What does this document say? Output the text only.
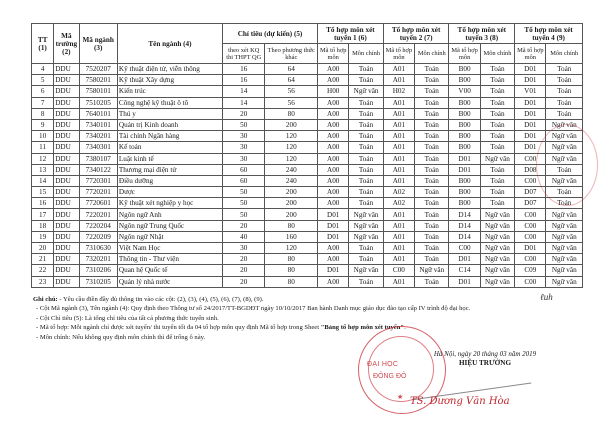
TT (1)	Mã trường (2)	Mã ngành (3)	Tên ngành (4)	Chỉ tiêu (dự kiến) (5)		Tổ hợp môn xét tuyển 1 (6)		Tổ hợp môn xét tuyển 2 (7)		Tổ hợp môn xét tuyển 3 (8)		Tổ hợp môn xét tuyển 4 (9)	
				theo xét KQ thi THPT QG	Theo phương thức khác	Mã tổ hợp môn	Môn chính	Mã tổ hợp môn	Môn chính	Mã tổ hợp môn	Môn chính	Mã tổ hợp môn	Môn chính
4	DDU	7520207	Kỹ thuật điện tử, viễn thông	16	64	A00	Toán	A01	Toán	B00	Toán	D01	Toán
5	DDU	7580201	Kỹ thuật Xây dựng	16	64	A00	Toán	A01	Toán	B00	Toán	D01	Toán
6	DDU	7580101	Kiến trúc	14	56	H00	Ngữ văn	H02	Toán	V00	Toán	V01	Toán
7	DDU	7510205	Công nghệ kỹ thuật ô tô	14	56	A00	Toán	A01	Toán	B00	Toán	D01	Toán
8	DDU	7640101	Thú y	20	80	A00	Toán	A01	Toán	B00	Toán	D01	Toán
9	DDU	7340101	Quản trị Kinh doanh	50	200	A00	Toán	A01	Toán	B00	Toán	D01	Ngữ văn
10	DDU	7340201	Tài chính Ngân hàng	30	120	A00	Toán	A01	Toán	B00	Toán	D01	Ngữ văn
11	DDU	7340301	Kế toán	30	120	A00	Toán	A01	Toán	B00	Toán	D01	Ngữ văn
12	DDU	7380107	Luật kinh tế	30	120	A00	Toán	A01	Toán	D01	Ngữ văn	C00	Ngữ văn
13	DDU	7340122	Thương mại điện tử	60	240	A00	Toán	A01	Toán	D01	Toán	D08	Toán
14	DDU	7720301	Điều dưỡng	60	240	A00	Toán	A01	Toán	B00	Toán	C00	Ngữ văn
15	DDU	7720201	Dược	50	200	A00	Toán	A02	Toán	B00	Toán	D07	Toán
16	DDU	7720601	Kỹ thuật xét nghiệp y học	50	200	A00	Toán	A02	Toán	B00	Toán	D07	Toán
17	DDU	7220201	Ngôn ngữ Anh	50	200	D01	Ngữ văn	A01	Toán	D14	Ngữ văn	C00	Ngữ văn
18	DDU	7220204	Ngôn ngữ Trung Quốc	20	80	D01	Ngữ văn	A01	Toán	D14	Ngữ văn	C00	Ngữ văn
19	DDU	7220209	Ngôn ngữ Nhật	40	160	D01	Ngữ văn	A01	Toán	D14	Ngữ văn	C00	Ngữ văn
20	DDU	7310630	Việt Nam Học	30	120	A00	Toán	A01	Toán	C00	Ngữ văn	D01	Ngữ văn
21	DDU	7320201	Thông tin - Thư viện	20	80	A00	Toán	A01	Toán	D01	Ngữ văn	C00	Ngữ văn
22	DDU	7310206	Quan hệ Quốc tế	20	80	D01	Ngữ văn	C00	Ngữ văn	C14	Ngữ văn	C09	Ngữ văn
23	DDU	7310205	Quản lý nhà nước	20	80	A00	Toán	A01	Toán	D01	Ngữ văn	C00	Ngữ văn
ℓuh
Ghi chú: - Yêu cầu điền đầy đủ thông tin vào các cột: (2), (3), (4), (5), (6), (7), (8), (9).
- Cột Mã ngành (3), Tên ngành (4): Quy định theo Thông tư số 24/2017/TT-BGDĐT ngày 10/10/2017 Ban hành Danh mục giáo dục đào tạo cấp IV trình độ đại học.
- Cột Chỉ tiêu (5): Là tổng chỉ tiêu của tất cả phương thức tuyển sinh.
- Mã tổ hợp: Mỗi ngành chỉ được xét tuyển/ thi tuyển tối đa 04 tổ hợp môn quy định Mã tổ hợp trong Sheet "Bảng tổ hợp môn xét tuyển".
- Môn chính: Nếu không quy định môn chính thì để trống ô này.
ĐẠI HỌC
ĐÔNG ĐÔ
★
Hà Nội, ngày 20 tháng 03 năm 2019
HIỆU TRƯỞNG
TS. Dương Văn Hòa
